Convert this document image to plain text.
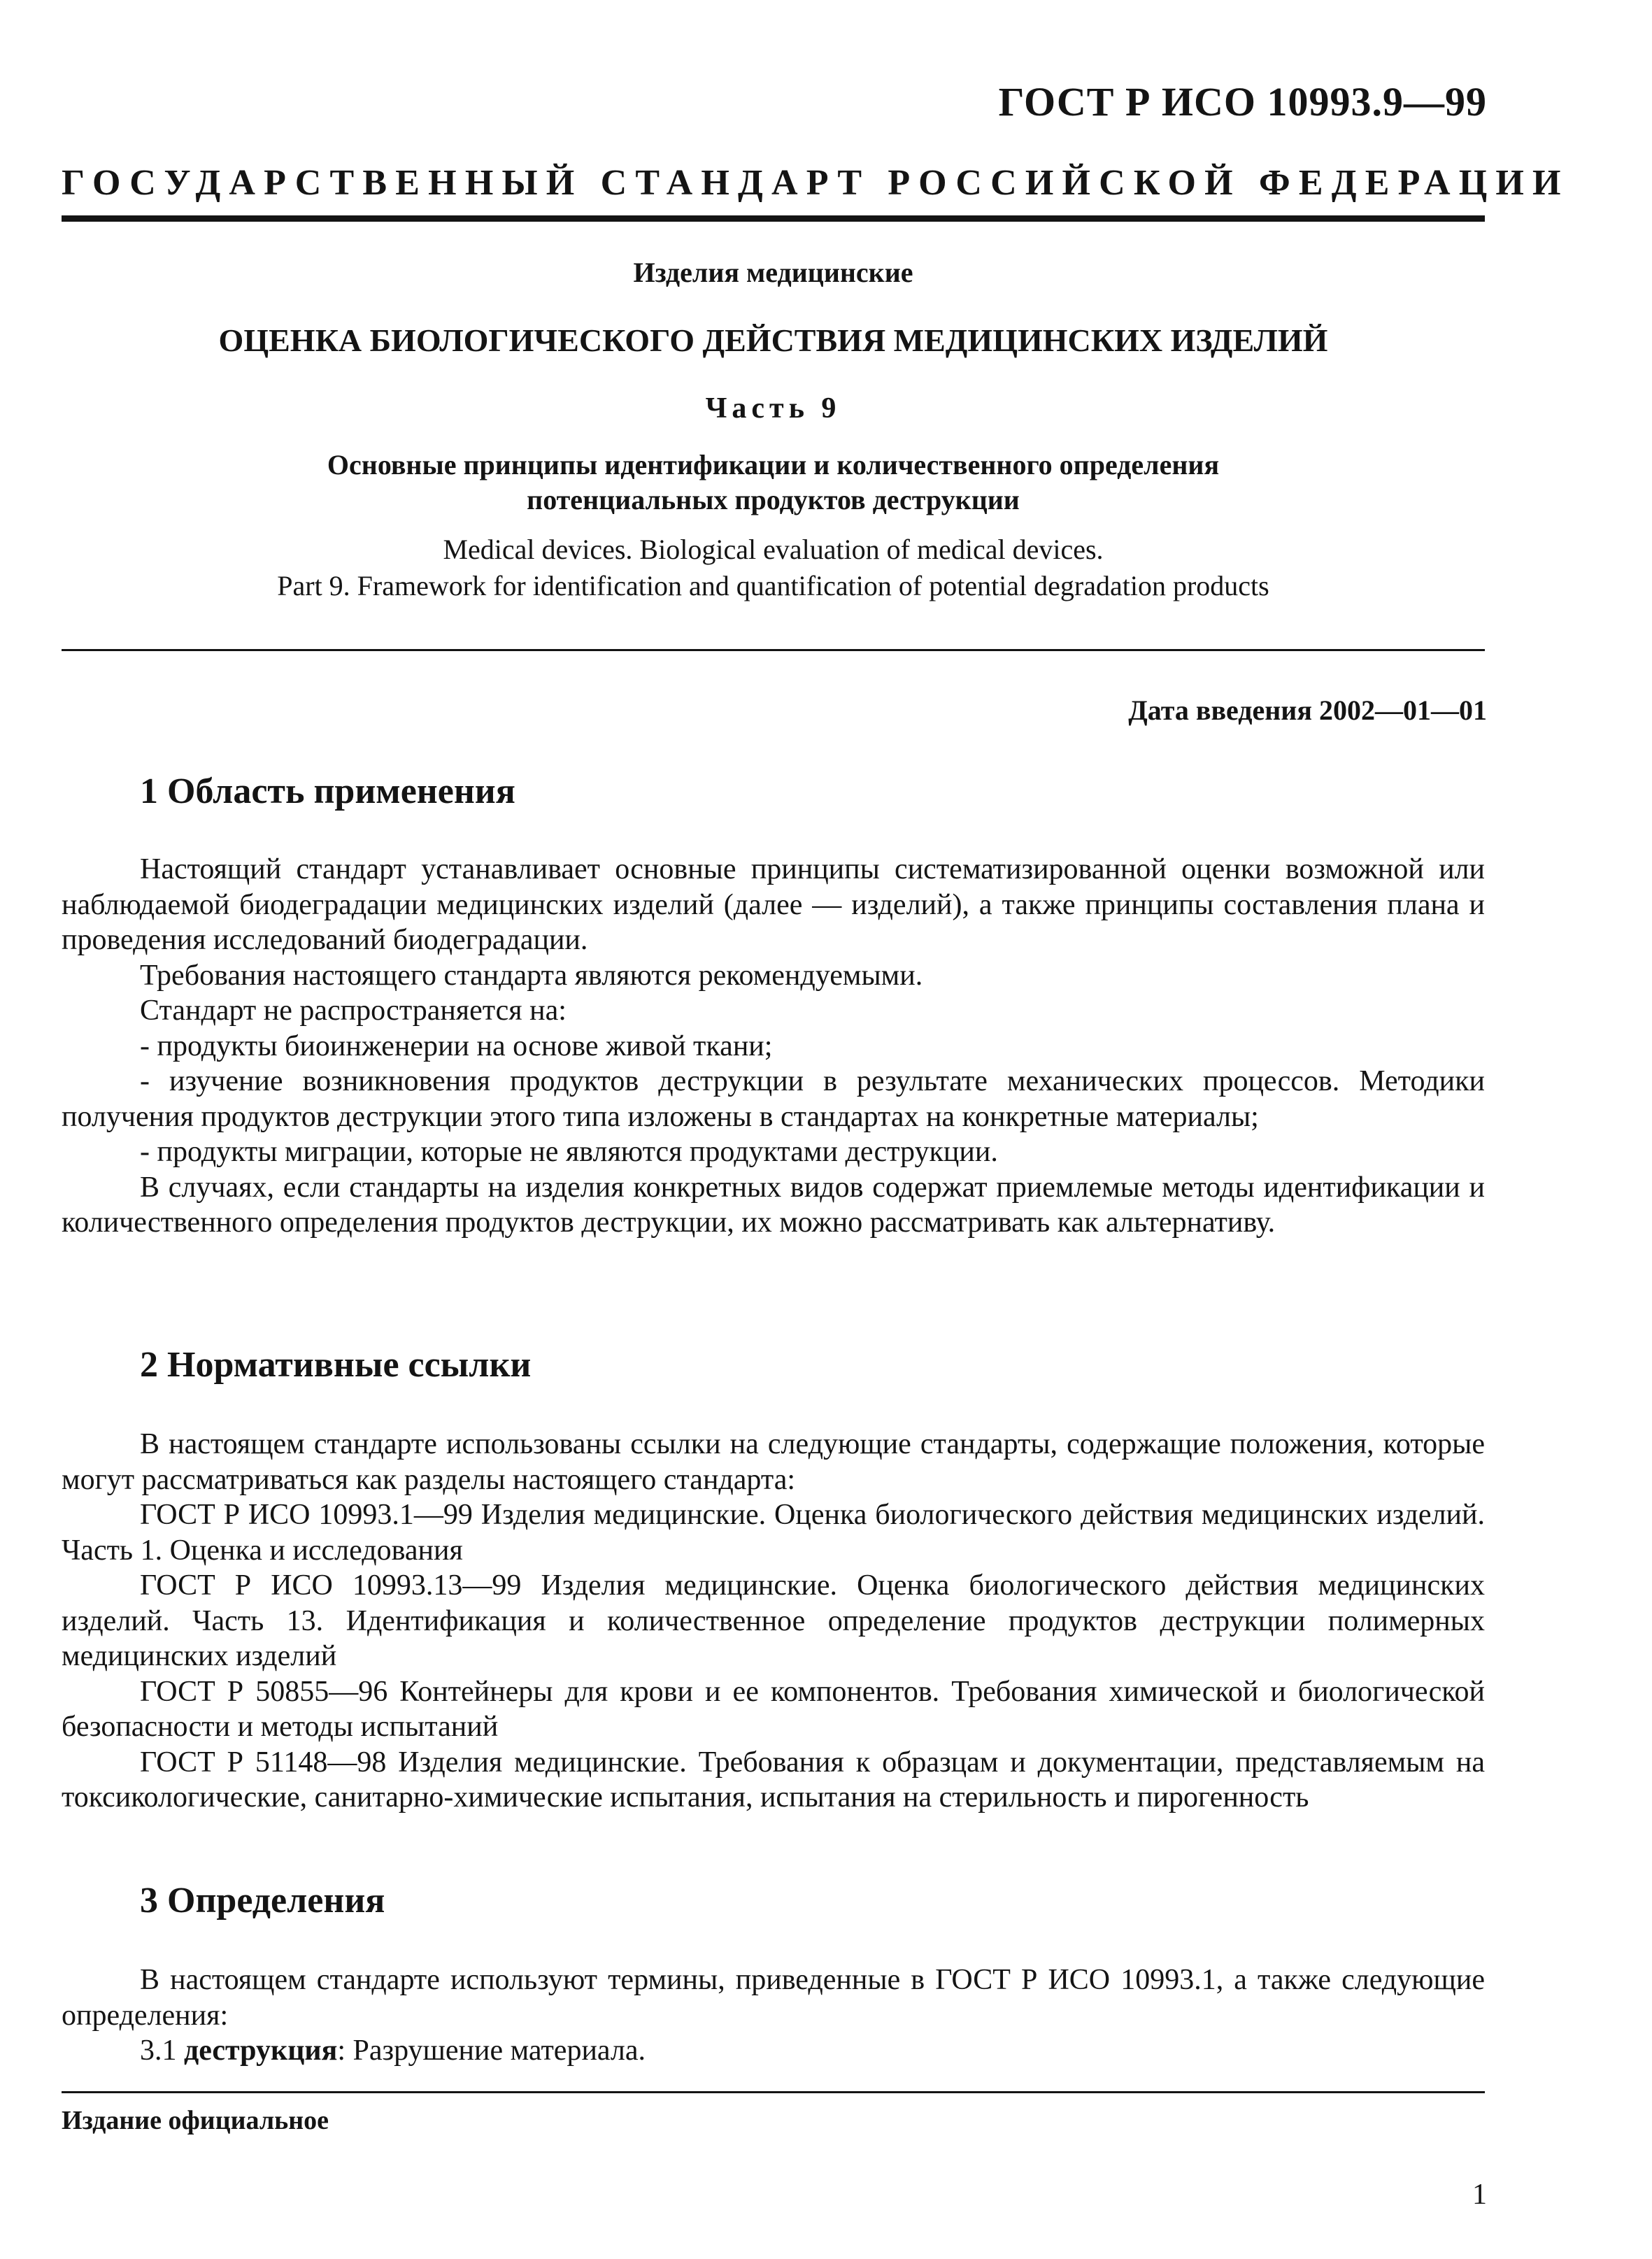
ГОСТ Р ИСО 10993.9—99
ГОСУДАРСТВЕННЫЙ СТАНДАРТ РОССИЙСКОЙ ФЕДЕРАЦИИ
Изделия медицинские
ОЦЕНКА БИОЛОГИЧЕСКОГО ДЕЙСТВИЯ МЕДИЦИНСКИХ ИЗДЕЛИЙ
Часть 9
Основные принципы идентификации и количественного определения потенциальных продуктов деструкции
Medical devices. Biological evaluation of medical devices.
Part 9. Framework for identification and quantification of potential degradation products
Дата введения 2002—01—01
1 Область применения

Настоящий стандарт устанавливает основные принципы систематизированной оценки возможной или наблюдаемой биодеградации медицинских изделий (далее — изделий), а также принципы составления плана и проведения исследований биодеградации.

Требования настоящего стандарта являются рекомендуемыми.

Стандарт не распространяется на:

- продукты биоинженерии на основе живой ткани;

- изучение возникновения продуктов деструкции в результате механических процессов. Методики получения продуктов деструкции этого типа изложены в стандартах на конкретные материалы;

- продукты миграции, которые не являются продуктами деструкции.

В случаях, если стандарты на изделия конкретных видов содержат приемлемые методы идентификации и количественного определения продуктов деструкции, их можно рассматривать как альтернативу.

2 Нормативные ссылки

В настоящем стандарте использованы ссылки на следующие стандарты, содержащие положения, которые могут рассматриваться как разделы настоящего стандарта:

ГОСТ Р ИСО 10993.1—99 Изделия медицинские. Оценка биологического действия медицинских изделий. Часть 1. Оценка и исследования

ГОСТ Р ИСО 10993.13—99 Изделия медицинские. Оценка биологического действия медицинских изделий. Часть 13. Идентификация и количественное определение продуктов деструкции полимерных медицинских изделий

ГОСТ Р 50855—96 Контейнеры для крови и ее компонентов. Требования химической и биологической безопасности и методы испытаний

ГОСТ Р 51148—98 Изделия медицинские. Требования к образцам и документации, представляемым на токсикологические, санитарно-химические испытания, испытания на стерильность и пирогенность

3 Определения

В настоящем стандарте используют термины, приведенные в ГОСТ Р ИСО 10993.1, а также следующие определения:

3.1 деструкция: Разрушение материала.

Издание официальное
1
